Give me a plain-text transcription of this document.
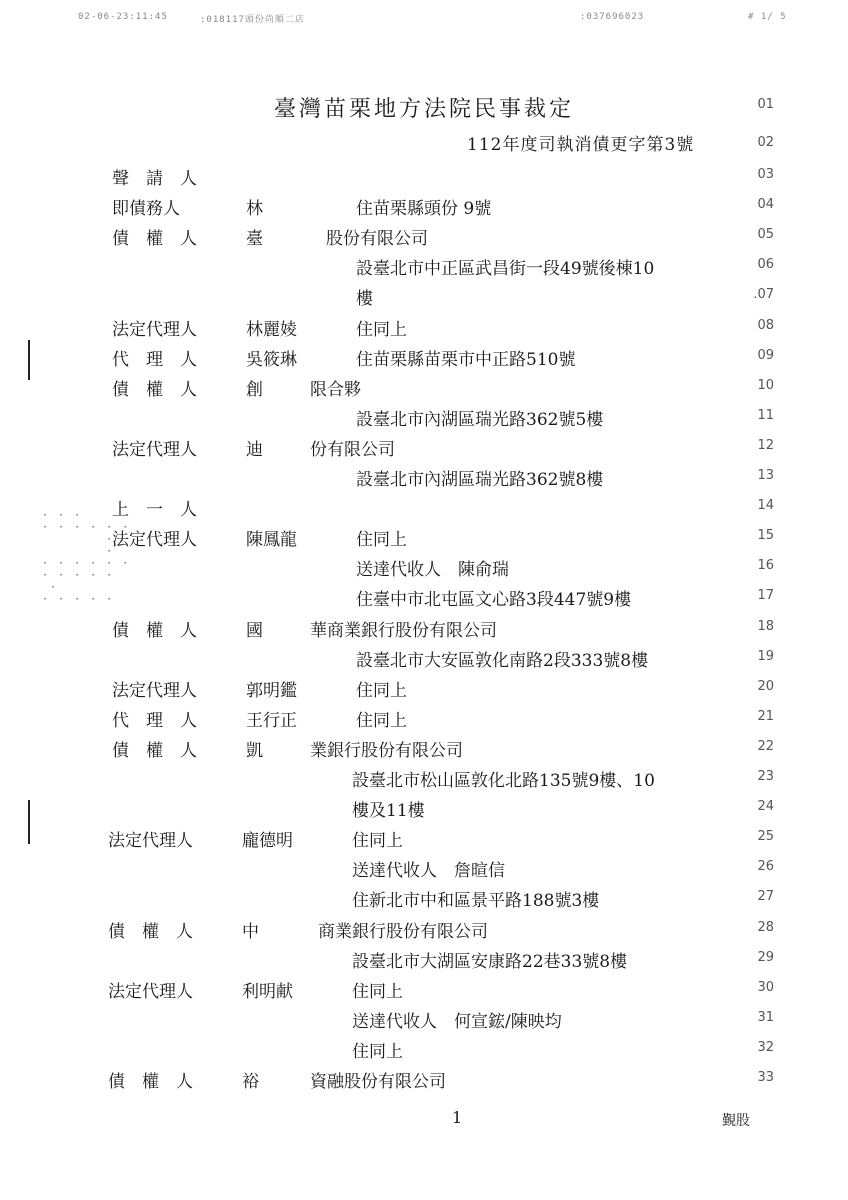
02-06-23:11:45	:018117頭份尚順二店	:037696023	# 1/ 5
臺灣苗栗地方法院民事裁定	01
112年度司執消債更字第3號	02
聲　請　人	03
即債務人	林	住苗栗縣頭份 9號	04
債　權　人	臺	股份有限公司	05
設臺北市中正區武昌街一段49號後棟10	06
樓	.07
法定代理人	林麗婈	住同上	08
代　理　人	吳筱琳	住苗栗縣苗栗市中正路510號	09
債　權　人	創	限合夥	10
設臺北市內湖區瑞光路362號5樓	11
法定代理人	迪	份有限公司	12
設臺北市內湖區瑞光路362號8樓	13
上　一　人	14
法定代理人	陳鳳龍	住同上	15
送達代收人　陳俞瑞	16
住臺中市北屯區文心路3段447號9樓	17
債　權　人	國	華商業銀行股份有限公司	18
設臺北市大安區敦化南路2段333號8樓	19
法定代理人	郭明鑑	住同上	20
代　理　人	王行正	住同上	21
債　權　人	凱	業銀行股份有限公司	22
設臺北市松山區敦化北路135號9樓、10	23
樓及11樓	24
法定代理人	龐德明	住同上	25
送達代收人　詹暄信	26
住新北市中和區景平路188號3樓	27
債　權　人	中	商業銀行股份有限公司	28
設臺北市大湖區安康路22巷33號8樓	29
法定代理人	利明献	住同上	30
送達代收人　何宣鋐/陳映均	31
住同上	32
債　權　人	裕	資融股份有限公司	33
· · ·
· · · · · ·
·
·
· · · · · ·
· · · · ·
·
· · · · ·
1	覲股
